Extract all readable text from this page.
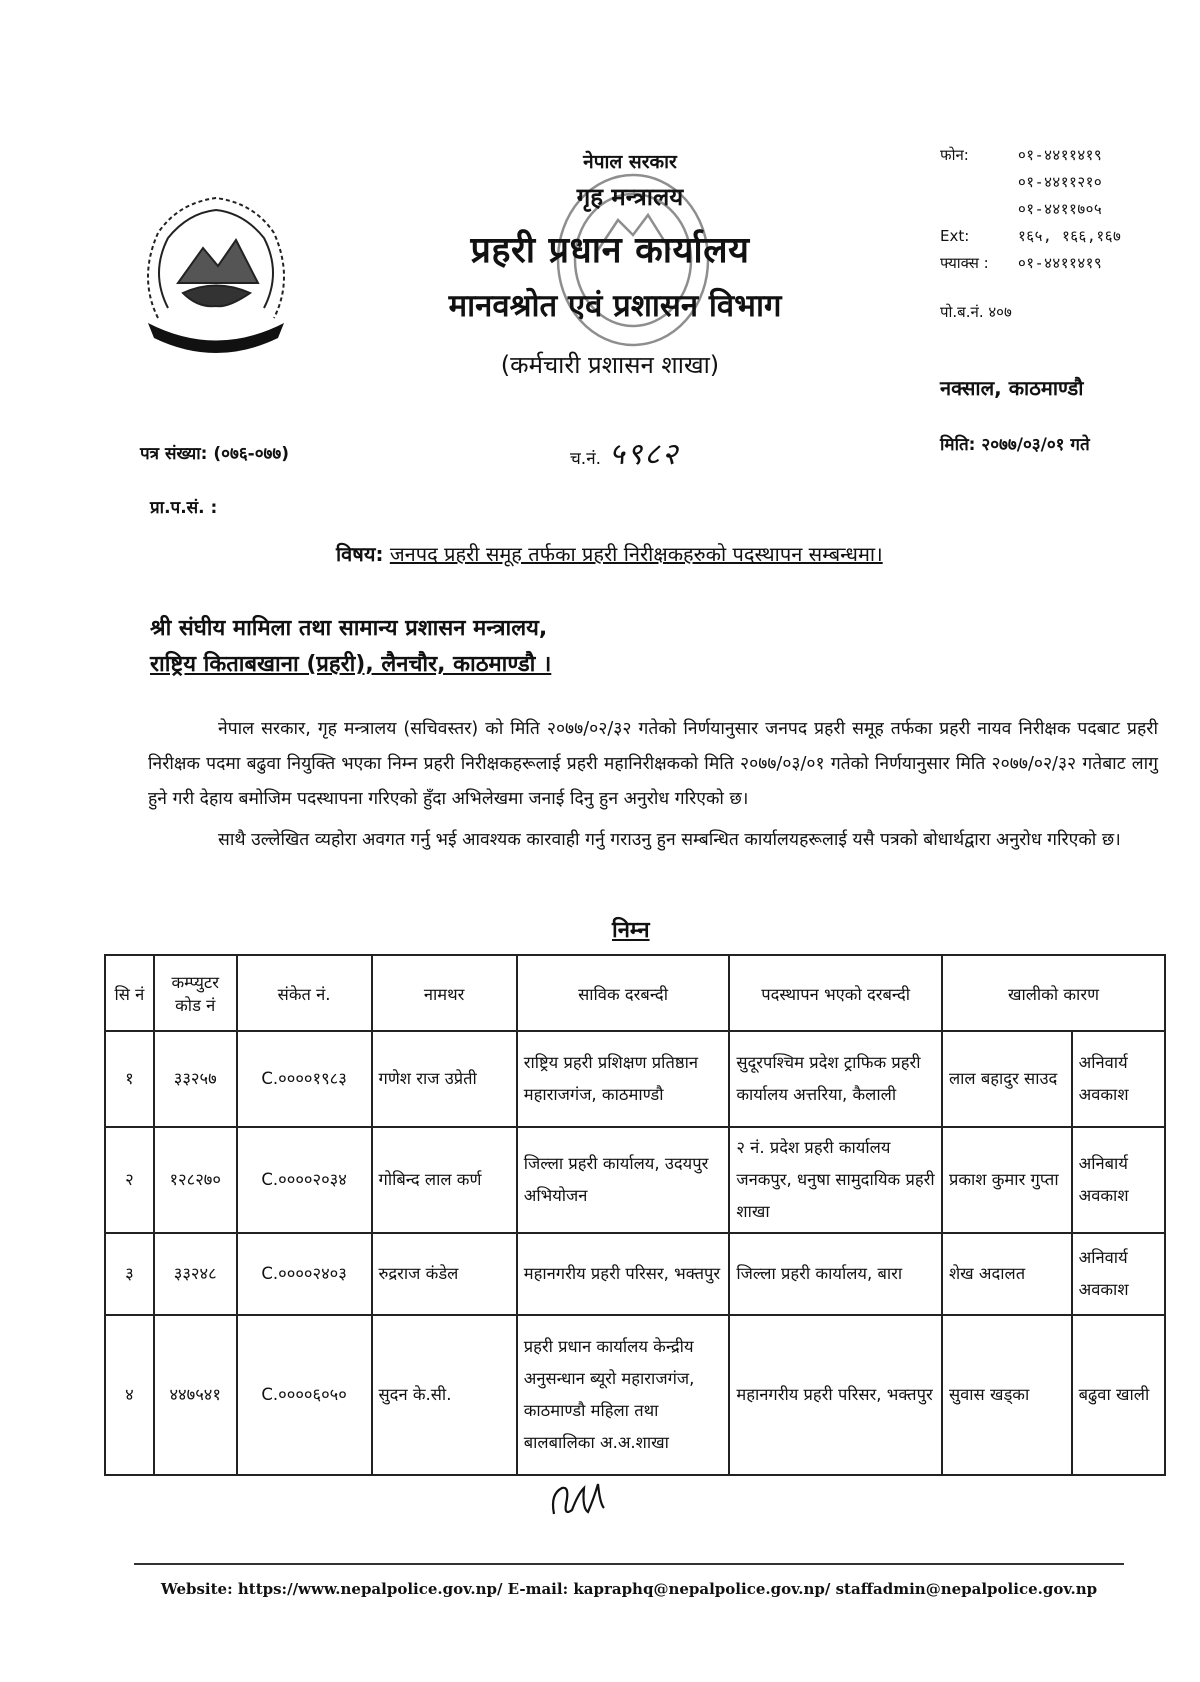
नेपाल सरकार
गृह मन्त्रालय
प्रहरी प्रधान कार्यालय
मानवश्रोत एवं प्रशासन विभाग
(कर्मचारी प्रशासन शाखा)
फोन:	०१-४४११४१९
०१-४४११२१०
०१-४४११७०५
Ext:	१६५, १६६,१६७
फ्याक्स :	०१-४४११४१९
पो.ब.नं. ४०७
नक्साल, काठमाण्डौ
पत्र संख्या: (०७६-०७७)	च.नं. ५९८२	मिति: २०७७/०३/०१ गते
प्रा.प.सं. :
विषय: जनपद प्रहरी समूह तर्फका प्रहरी निरीक्षकहरुको पदस्थापन सम्बन्धमा।
श्री संघीय मामिला तथा सामान्य प्रशासन मन्त्रालय,
राष्ट्रिय किताबखाना (प्रहरी), लैनचौर, काठमाण्डौ ।

नेपाल सरकार, गृह मन्त्रालय (सचिवस्तर) को मिति २०७७/०२/३२ गतेको निर्णयानुसार जनपद प्रहरी समूह तर्फका प्रहरी नायव निरीक्षक पदबाट प्रहरी निरीक्षक पदमा बढुवा नियुक्ति भएका निम्न प्रहरी निरीक्षकहरूलाई प्रहरी महानिरीक्षकको मिति २०७७/०३/०१ गतेको निर्णयानुसार मिति २०७७/०२/३२ गतेबाट लागु हुने गरी देहाय बमोजिम पदस्थापना गरिएको हुँदा अभिलेखमा जनाई दिनु हुन अनुरोध गरिएको छ।

साथै उल्लेखित व्यहोरा अवगत गर्नु भई आवश्यक कारवाही गर्नु गराउनु हुन सम्बन्धित कार्यालयहरूलाई यसै पत्रको बोधार्थद्वारा अनुरोध गरिएको छ।

निम्न
सि नं	कम्प्युटर कोड नं	संकेत नं.	नामथर	साविक दरबन्दी	पदस्थापन भएको दरबन्दी	खालीको कारण	
१	३३२५७	C.००००१९८३	गणेश राज उप्रेती	राष्ट्रिय प्रहरी प्रशिक्षण प्रतिष्ठान महाराजगंज, काठमाण्डौ	सुदूरपश्चिम प्रदेश ट्राफिक प्रहरी कार्यालय अत्तरिया, कैलाली	लाल बहादुर साउद	अनिवार्य अवकाश
२	१२८२७०	C.००००२०३४	गोबिन्द लाल कर्ण	जिल्ला प्रहरी कार्यालय, उदयपुर अभियोजन	२ नं. प्रदेश प्रहरी कार्यालय जनकपुर, धनुषा सामुदायिक प्रहरी शाखा	प्रकाश कुमार गुप्ता	अनिबार्य अवकाश
३	३३२४८	C.००००२४०३	रुद्रराज कंडेल	महानगरीय प्रहरी परिसर, भक्तपुर	जिल्ला प्रहरी कार्यालय, बारा	शेख अदालत	अनिवार्य अवकाश
४	४४७५४१	C.००००६०५०	सुदन के.सी.	प्रहरी प्रधान कार्यालय केन्द्रीय अनुसन्धान ब्यूरो महाराजगंज, काठमाण्डौ महिला तथा बालबालिका अ.अ.शाखा	महानगरीय प्रहरी परिसर, भक्तपुर	सुवास खड्का	बढुवा खाली
Website: https://www.nepalpolice.gov.np/ E-mail: kapraphq@nepalpolice.gov.np/ staffadmin@nepalpolice.gov.np
